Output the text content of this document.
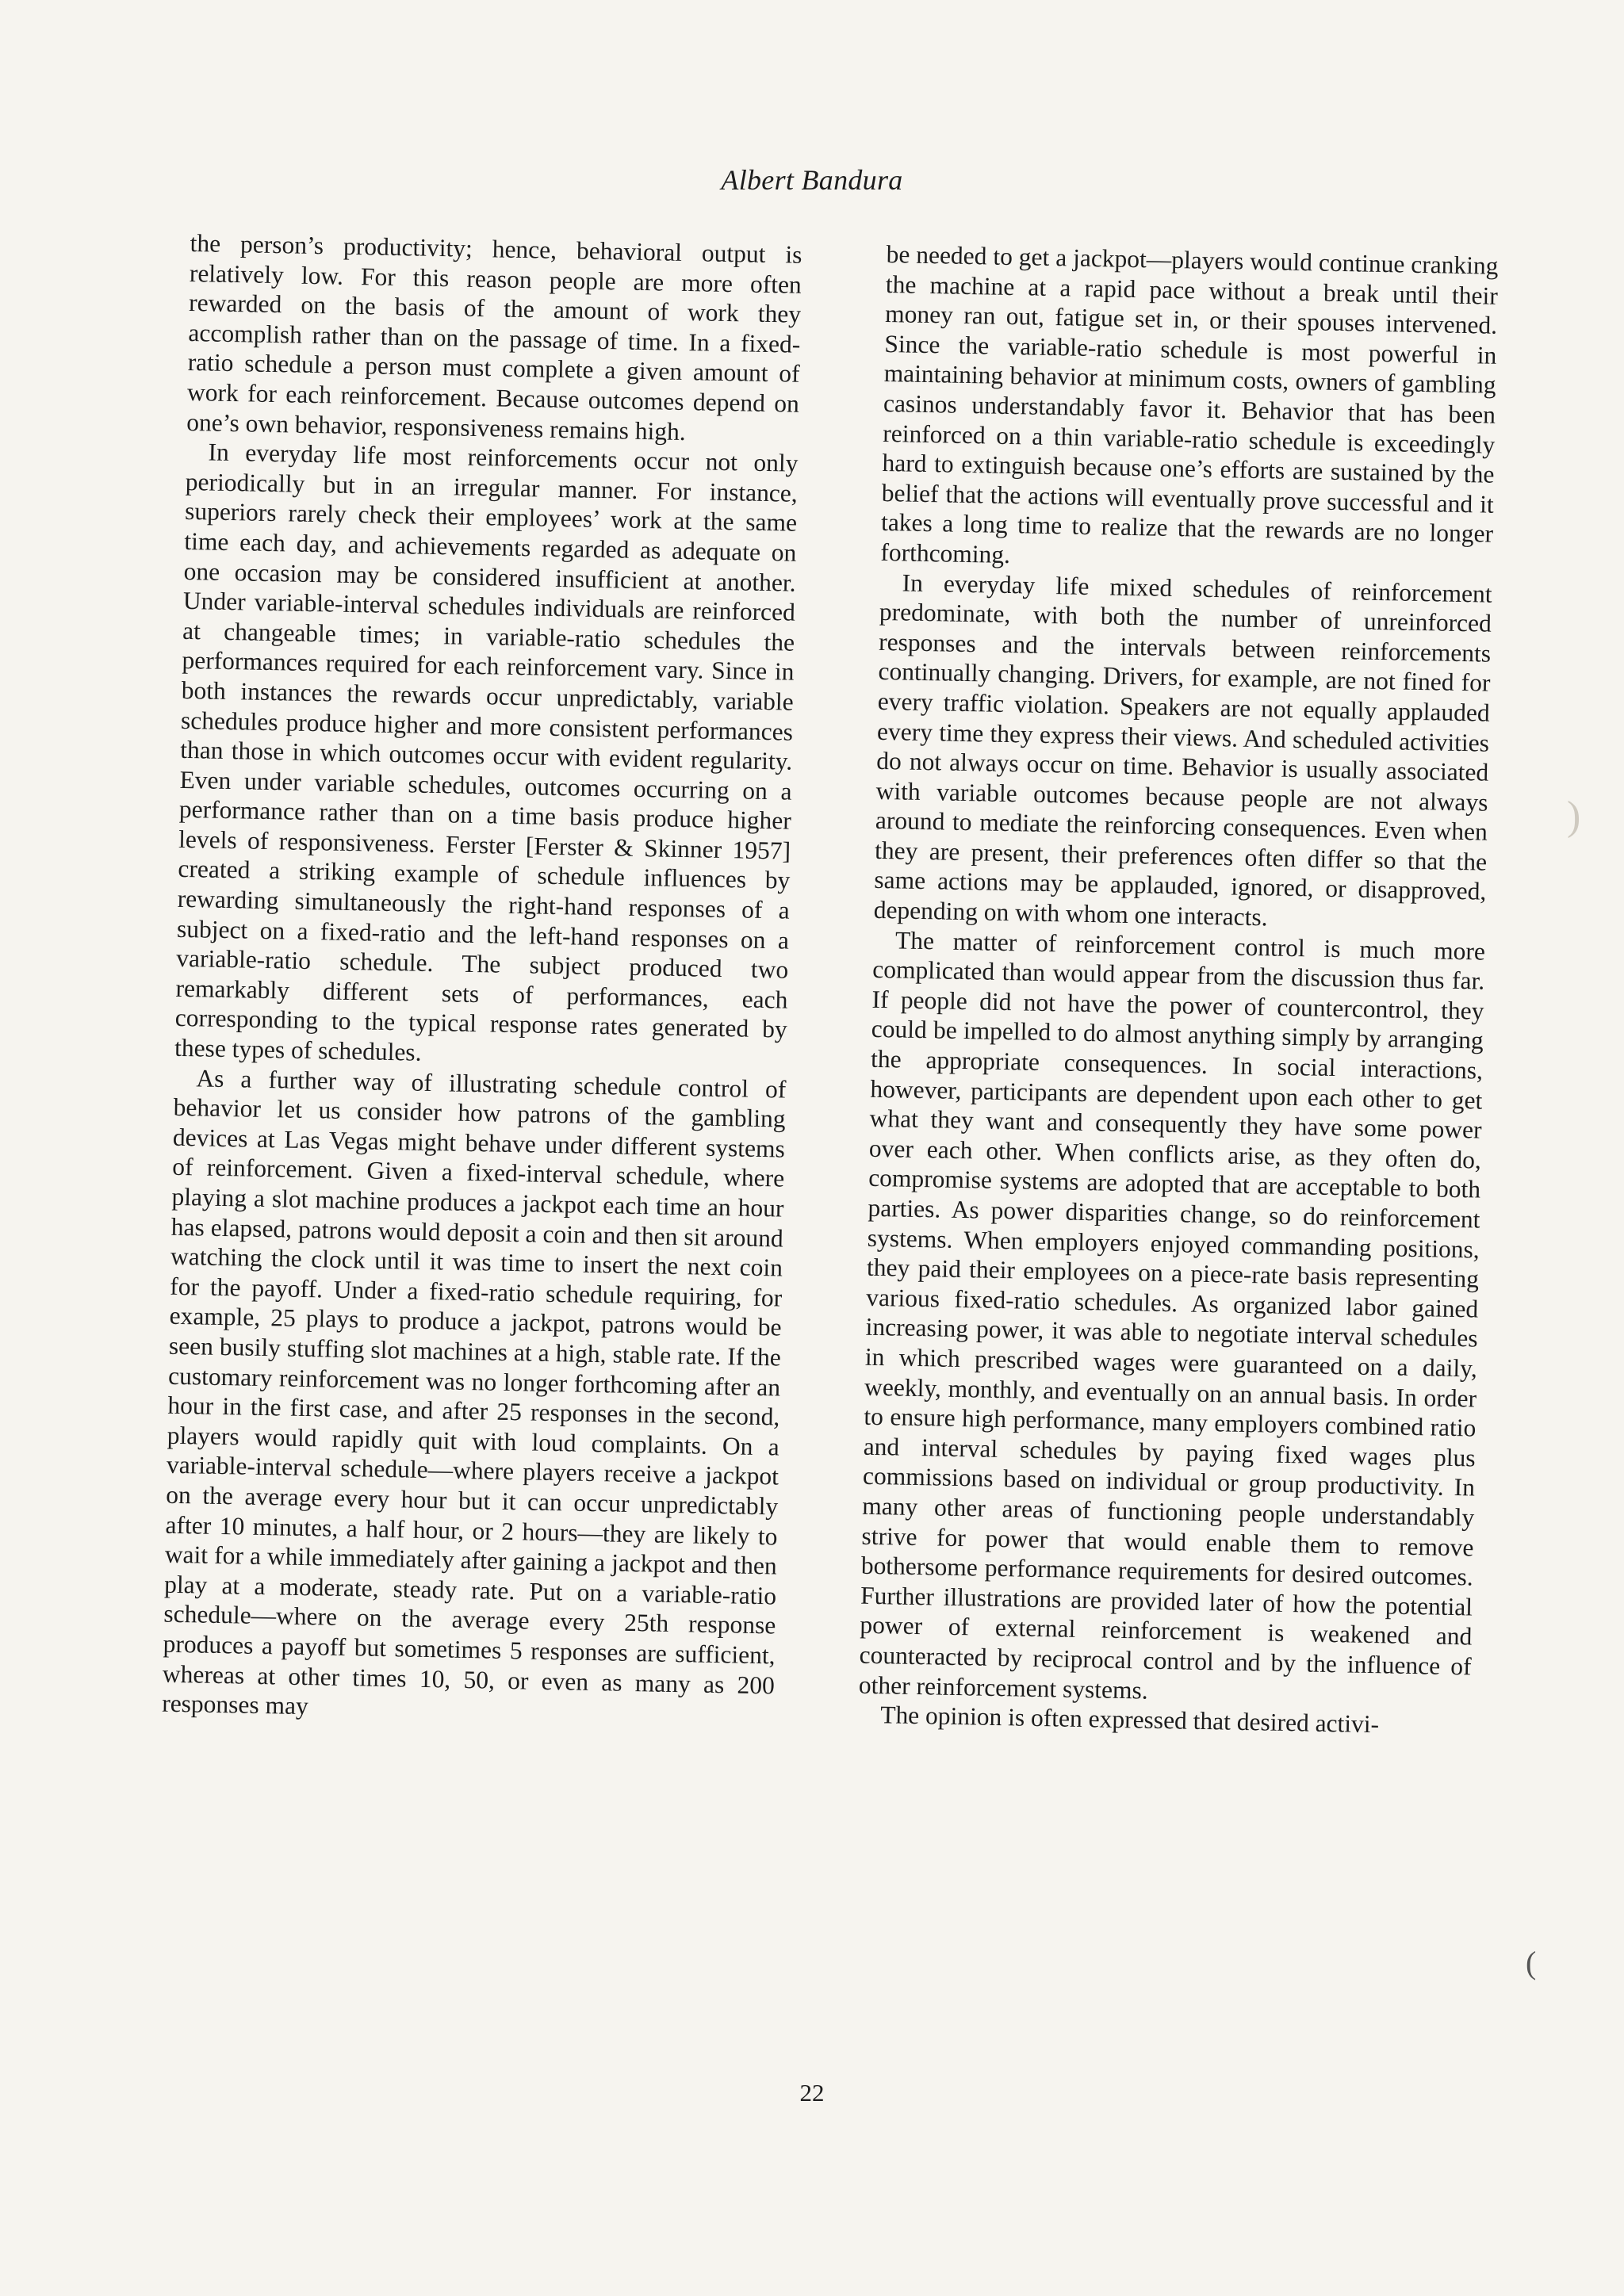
Albert Bandura

the person’s productivity; hence, behavioral output is relatively low. For this reason people are more often rewarded on the basis of the amount of work they accomplish rather than on the passage of time. In a fixed-ratio schedule a person must complete a given amount of work for each reinforcement. Because outcomes depend on one’s own behavior, responsiveness remains high.

In everyday life most reinforcements occur not only periodically but in an irregular manner. For instance, superiors rarely check their employees’ work at the same time each day, and achievements regarded as adequate on one occasion may be considered insufficient at another. Under variable-interval schedules individuals are reinforced at changeable times; in variable-ratio schedules the performances required for each reinforcement vary. Since in both instances the rewards occur unpredictably, variable schedules produce higher and more consistent performances than those in which outcomes occur with evident regularity. Even under variable schedules, outcomes occurring on a performance rather than on a time basis produce higher levels of responsiveness. Ferster [Ferster & Skinner 1957] created a striking example of schedule influences by rewarding simultaneously the right-hand responses of a subject on a fixed-ratio and the left-hand responses on a variable-ratio schedule. The subject produced two remarkably different sets of performances, each corresponding to the typical response rates generated by these types of schedules.

As a further way of illustrating schedule control of behavior let us consider how patrons of the gambling devices at Las Vegas might behave under different systems of reinforcement. Given a fixed-interval schedule, where playing a slot machine produces a jackpot each time an hour has elapsed, patrons would deposit a coin and then sit around watching the clock until it was time to insert the next coin for the payoff. Under a fixed-ratio schedule requiring, for example, 25 plays to produce a jackpot, patrons would be seen busily stuffing slot machines at a high, stable rate. If the customary reinforcement was no longer forthcoming after an hour in the first case, and after 25 responses in the second, players would rapidly quit with loud complaints. On a variable-interval schedule—where players receive a jackpot on the average every hour but it can occur unpredictably after 10 minutes, a half hour, or 2 hours—they are likely to wait for a while immediately after gaining a jackpot and then play at a moderate, steady rate. Put on a variable-ratio schedule—where on the average every 25th response produces a payoff but sometimes 5 responses are sufficient, whereas at other times 10, 50, or even as many as 200 responses may

be needed to get a jackpot—players would continue cranking the machine at a rapid pace without a break until their money ran out, fatigue set in, or their spouses intervened. Since the variable-ratio schedule is most powerful in maintaining behavior at minimum costs, owners of gambling casinos understandably favor it. Behavior that has been reinforced on a thin variable-ratio schedule is exceedingly hard to extinguish because one’s efforts are sustained by the belief that the actions will eventually prove successful and it takes a long time to realize that the rewards are no longer forthcoming.

In everyday life mixed schedules of reinforcement predominate, with both the number of unreinforced responses and the intervals between reinforcements continually changing. Drivers, for example, are not fined for every traffic violation. Speakers are not equally applauded every time they express their views. And scheduled activities do not always occur on time. Behavior is usually associated with variable outcomes because people are not always around to mediate the reinforcing consequences. Even when they are present, their preferences often differ so that the same actions may be applauded, ignored, or disapproved, depending on with whom one interacts.

The matter of reinforcement control is much more complicated than would appear from the discussion thus far. If people did not have the power of countercontrol, they could be impelled to do almost anything simply by arranging the appropriate consequences. In social interactions, however, participants are dependent upon each other to get what they want and consequently they have some power over each other. When conflicts arise, as they often do, compromise systems are adopted that are acceptable to both parties. As power disparities change, so do reinforcement systems. When employers enjoyed commanding positions, they paid their employees on a piece-rate basis representing various fixed-ratio schedules. As organized labor gained increasing power, it was able to negotiate interval schedules in which prescribed wages were guaranteed on a daily, weekly, monthly, and eventually on an annual basis. In order to ensure high performance, many employers combined ratio and interval schedules by paying fixed wages plus commissions based on individual or group productivity. In many other areas of functioning people understandably strive for power that would enable them to remove bothersome performance requirements for desired outcomes. Further illustrations are provided later of how the potential power of external reinforcement is weakened and counteracted by reciprocal control and by the influence of other reinforcement systems.

The opinion is often expressed that desired activi-

22
)
(
